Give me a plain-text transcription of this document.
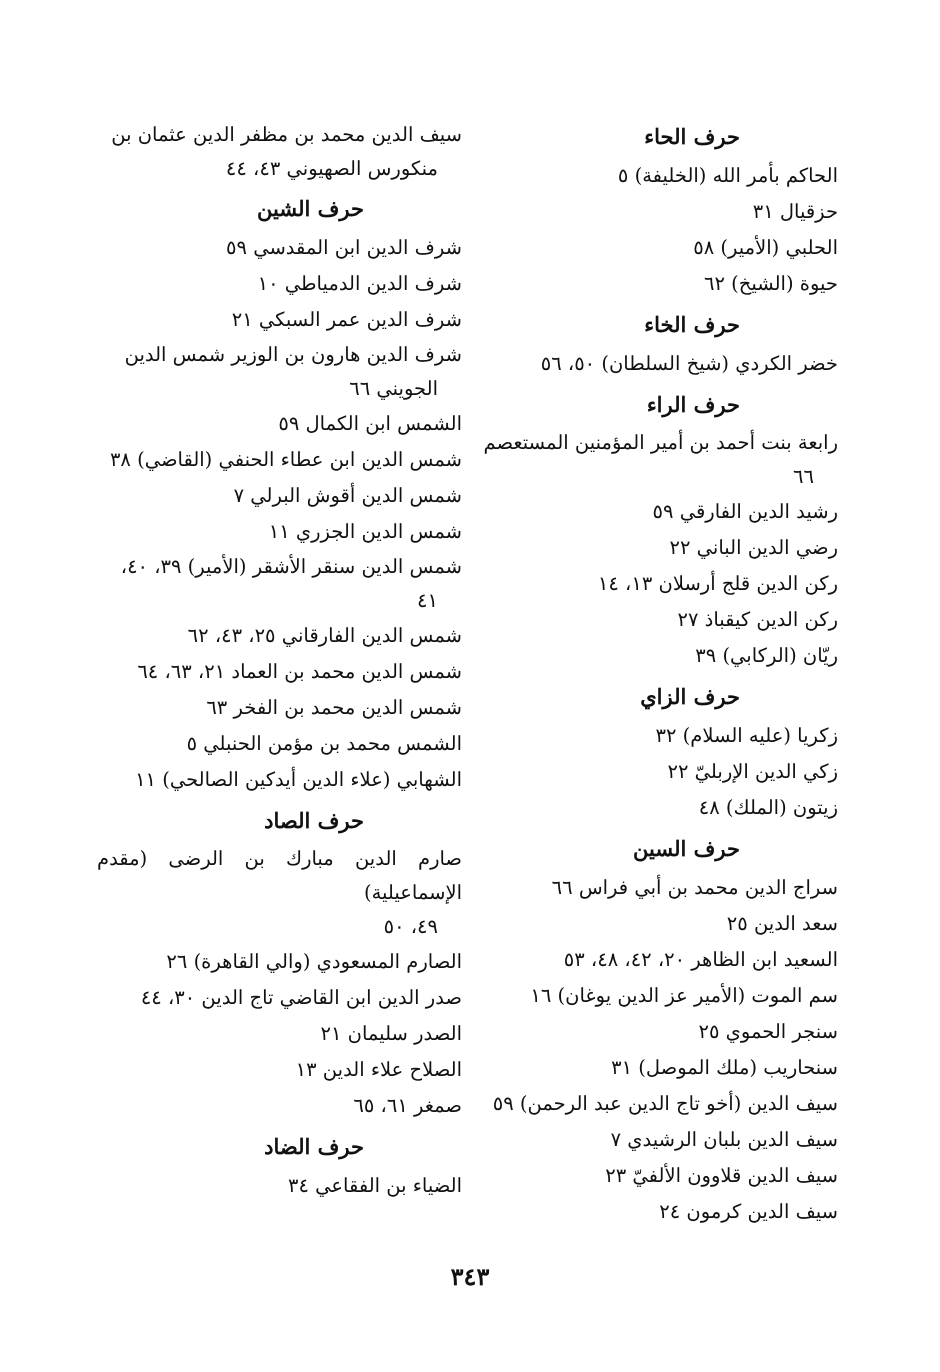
حرف الحاء
الحاكم بأمر الله (الخليفة) ٥
حزقيال ٣١
الحلبي (الأمير) ٥٨
حيوة (الشيخ) ٦٢
حرف الخاء
خضر الكردي (شيخ السلطان) ٥٠، ٥٦
حرف الراء
رابعة بنت أحمد بن أمير المؤمنين المستعصم
٦٦
رشيد الدين الفارقي ٥٩
رضي الدين الباني ٢٢
ركن الدين قلج أرسلان ١٣، ١٤
ركن الدين كيقباذ ٢٧
ريّان (الركابي) ٣٩
حرف الزاي
زكريا (عليه السلام) ٣٢
زكي الدين الإربليّ ٢٢
زيتون (الملك) ٤٨
حرف السين
سراج الدين محمد بن أبي فراس ٦٦
سعد الدين ٢٥
السعيد ابن الظاهر ٢٠، ٤٢، ٤٨، ٥٣
سم الموت (الأمير عز الدين يوغان) ١٦
سنجر الحموي ٢٥
سنحاريب (ملك الموصل) ٣١
سيف الدين (أخو تاج الدين عبد الرحمن) ٥٩
سيف الدين بلبان الرشيدي ٧
سيف الدين قلاوون الألفيّ ٢٣
سيف الدين كرمون ٢٤
سيف الدين محمد بن مظفر الدين عثمان بن
منكورس الصهيوني ٤٣، ٤٤
حرف الشين
شرف الدين ابن المقدسي ٥٩
شرف الدين الدمياطي ١٠
شرف الدين عمر السبكي ٢١
شرف الدين هارون بن الوزير شمس الدين
الجويني ٦٦
الشمس ابن الكمال ٥٩
شمس الدين ابن عطاء الحنفي (القاضي) ٣٨
شمس الدين أقوش البرلي ٧
شمس الدين الجزري ١١
شمس الدين سنقر الأشقر (الأمير) ٣٩، ٤٠،
٤١
شمس الدين الفارقاني ٢٥، ٤٣، ٦٢
شمس الدين محمد بن العماد ٢١، ٦٣، ٦٤
شمس الدين محمد بن الفخر ٦٣
الشمس محمد بن مؤمن الحنبلي ٥
الشهابي (علاء الدين أيدكين الصالحي) ١١
حرف الصاد
صارم الدين مبارك بن الرضى (مقدم الإسماعيلية)
٤٩، ٥٠
الصارم المسعودي (والي القاهرة) ٢٦
صدر الدين ابن القاضي تاج الدين ٣٠، ٤٤
الصدر سليمان ٢١
الصلاح علاء الدين ١٣
صمغر ٦١، ٦٥
حرف الضاد
الضياء بن الفقاعي ٣٤
٣٤٣
